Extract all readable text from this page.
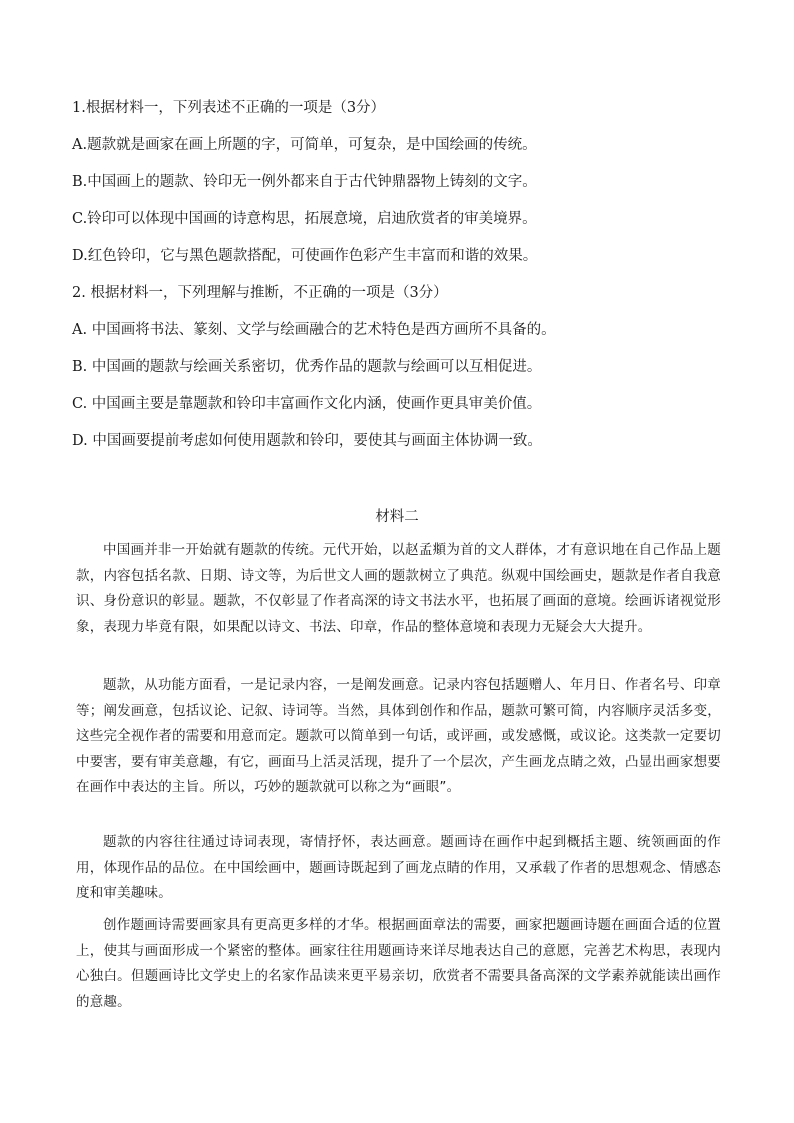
1.根据材料一，下列表述不正确的一项是（3分）
A.题款就是画家在画上所题的字，可简单，可复杂，是中国绘画的传统。
B.中国画上的题款、铃印无一例外都来自于古代钟鼎器物上铸刻的文字。
C.铃印可以体现中国画的诗意构思，拓展意境，启迪欣赏者的审美境界。
D.红色铃印，它与黑色题款搭配，可使画作色彩产生丰富而和谐的效果。
2. 根据材料一，下列理解与推断，不正确的一项是（3分）
A. 中国画将书法、篆刻、文学与绘画融合的艺术特色是西方画所不具备的。
B. 中国画的题款与绘画关系密切，优秀作品的题款与绘画可以互相促进。
C. 中国画主要是靠题款和铃印丰富画作文化内涵，使画作更具审美价值。
D. 中国画要提前考虑如何使用题款和铃印，要使其与画面主体协调一致。
材料二

中国画并非一开始就有题款的传统。元代开始，以赵孟頫为首的文人群体，才有意识地在自己作品上题款，内容包括名款、日期、诗文等，为后世文人画的题款树立了典范。纵观中国绘画史，题款是作者自我意识、身份意识的彰显。题款，不仅彰显了作者高深的诗文书法水平，也拓展了画面的意境。绘画诉诸视觉形象，表现力毕竟有限，如果配以诗文、书法、印章，作品的整体意境和表现力无疑会大大提升。

题款，从功能方面看，一是记录内容，一是阐发画意。记录内容包括题赠人、年月日、作者名号、印章等；阐发画意，包括议论、记叙、诗词等。当然，具体到创作和作品，题款可繁可简，内容顺序灵活多变，这些完全视作者的需要和用意而定。题款可以简单到一句话，或评画，或发感慨，或议论。这类款一定要切中要害，要有审美意趣，有它，画面马上活灵活现，提升了一个层次，产生画龙点睛之效，凸显出画家想要在画作中表达的主旨。所以，巧妙的题款就可以称之为“画眼”。

题款的内容往往通过诗词表现，寄情抒怀，表达画意。题画诗在画作中起到概括主题、统领画面的作用，体现作品的品位。在中国绘画中，题画诗既起到了画龙点睛的作用，又承载了作者的思想观念、情感态度和审美趣味。

创作题画诗需要画家具有更高更多样的才华。根据画面章法的需要，画家把题画诗题在画面合适的位置上，使其与画面形成一个紧密的整体。画家往往用题画诗来详尽地表达自己的意愿，完善艺术构思，表现内心独白。但题画诗比文学史上的名家作品读来更平易亲切，欣赏者不需要具备高深的文学素养就能读出画作的意趣。
